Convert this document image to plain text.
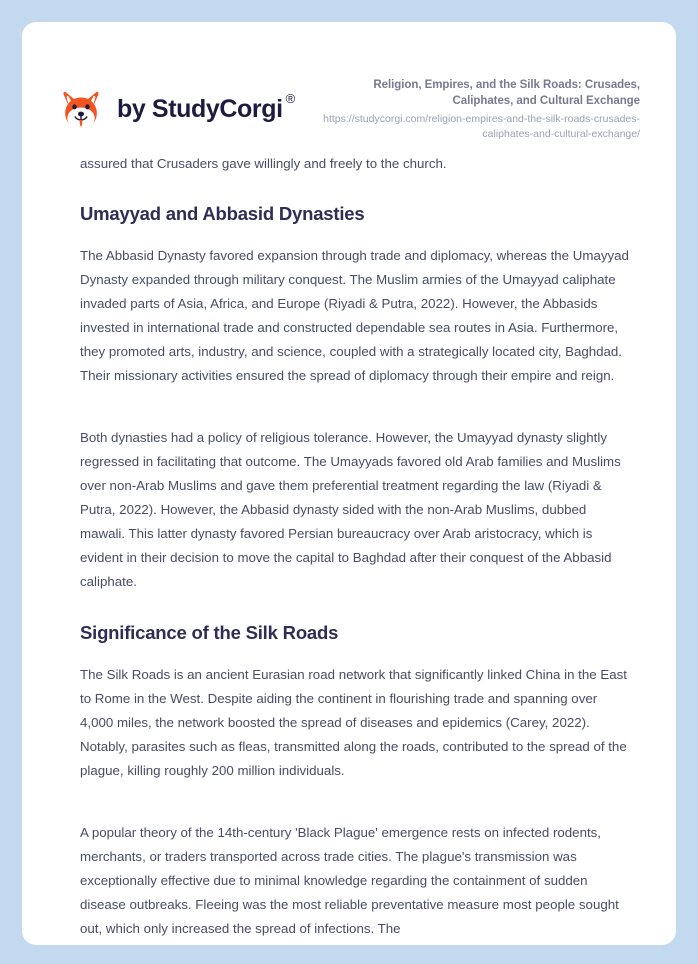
by StudyCorgi ®
Religion, Empires, and the Silk Roads: Crusades, Caliphates, and Cultural Exchange
https://studycorgi.com/religion-empires-and-the-silk-roads-crusades-caliphates-and-cultural-exchange/

assured that Crusaders gave willingly and freely to the church.

Umayyad and Abbasid Dynasties

The Abbasid Dynasty favored expansion through trade and diplomacy, whereas the Umayyad Dynasty expanded through military conquest. The Muslim armies of the Umayyad caliphate invaded parts of Asia, Africa, and Europe (Riyadi & Putra, 2022). However, the Abbasids invested in international trade and constructed dependable sea routes in Asia. Furthermore, they promoted arts, industry, and science, coupled with a strategically located city, Baghdad. Their missionary activities ensured the spread of diplomacy through their empire and reign.

Both dynasties had a policy of religious tolerance. However, the Umayyad dynasty slightly regressed in facilitating that outcome. The Umayyads favored old Arab families and Muslims over non-Arab Muslims and gave them preferential treatment regarding the law (Riyadi & Putra, 2022). However, the Abbasid dynasty sided with the non-Arab Muslims, dubbed mawali. This latter dynasty favored Persian bureaucracy over Arab aristocracy, which is evident in their decision to move the capital to Baghdad after their conquest of the Abbasid caliphate.

Significance of the Silk Roads

The Silk Roads is an ancient Eurasian road network that significantly linked China in the East to Rome in the West. Despite aiding the continent in flourishing trade and spanning over 4,000 miles, the network boosted the spread of diseases and epidemics (Carey, 2022). Notably, parasites such as fleas, transmitted along the roads, contributed to the spread of the plague, killing roughly 200 million individuals.

A popular theory of the 14th-century 'Black Plague' emergence rests on infected rodents, merchants, or traders transported across trade cities. The plague's transmission was exceptionally effective due to minimal knowledge regarding the containment of sudden disease outbreaks. Fleeing was the most reliable preventative measure most people sought out, which only increased the spread of infections. The
